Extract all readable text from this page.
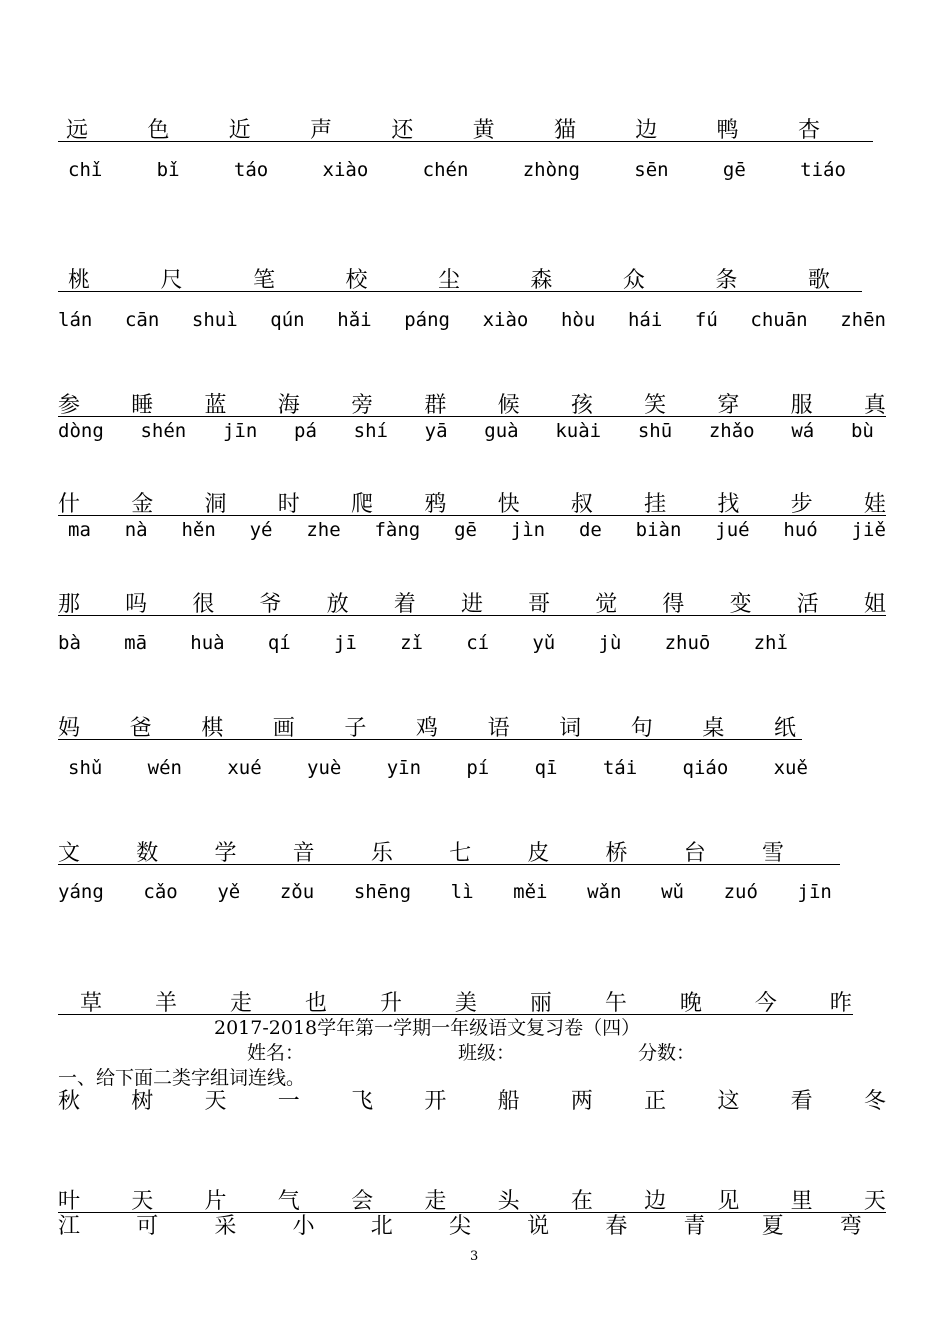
远	色	近	声	还	黄	猫	边	鸭	杏
chǐ	bǐ	táo	xiào	chén	zhòng	sēn	gē	tiáo
桃	尺	笔	校	尘	森	众	条	歌
lán cān shuì qún hǎi páng xiào hòu hái fú chuān zhēn
参 睡 蓝 海 旁 群 候 孩 笑 穿 服 真
dòng shén jīn pá shí yā guà kuài shū zhǎo wá bù
什 金 洞 时 爬 鸦 快 叔 挂 找 步 娃
ma nà hěn yé zhe fàng gē jìn de biàn jué huó jiě
那 吗 很 爷 放 着 进 哥 觉 得 变 活 姐
bà mā huà qí jī zǐ cí yǔ jù zhuō zhǐ
妈 爸 棋 画 子 鸡 语 词 句 桌 纸
shǔ wén xué yuè yīn pí qī tái qiáo xuě
文	数	学	音	乐	七	皮	桥	台	雪
yáng cǎo yě zǒu shēng lì měi wǎn wǔ zuó jīn
草 羊 走 也 升 美 丽 午 晚 今 昨
2017-2018学年第一学期一年级语文复习卷（四）
姓名：	班级：	分数：
一、给下面二类字组词连线。
秋 树 天 一 飞 开 船 两 正 这 看 冬
叶 天 片 气 会 走 头 在 边 见 里 天
江	可	采	小	北	尖	说	春	青	夏	弯
3
